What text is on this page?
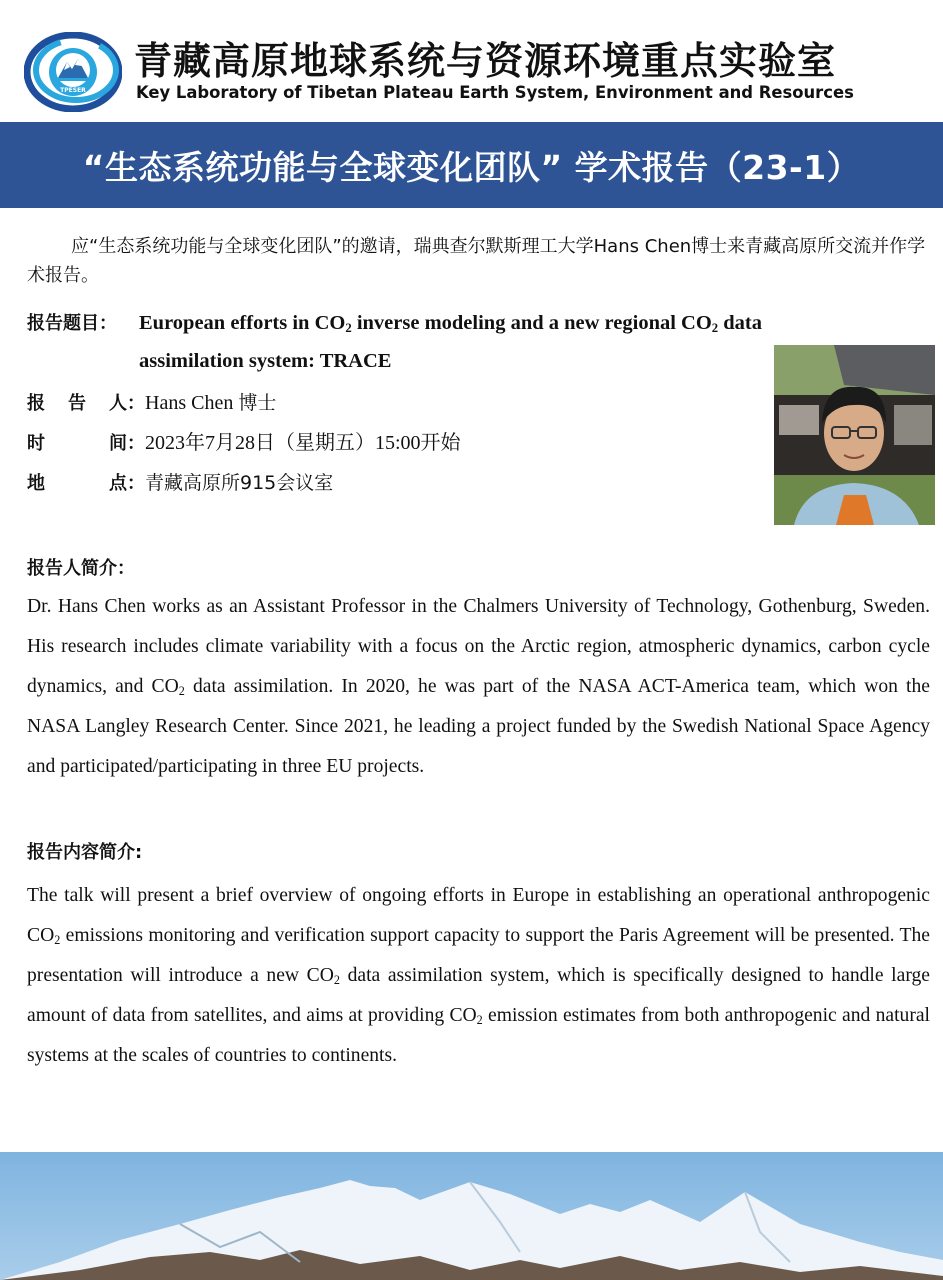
TPESER
青藏高原地球系统与资源环境重点实验室
Key Laboratory of Tibetan Plateau Earth System, Environment and Resources
“生态系统功能与全球变化团队” 学术报告（23-1）
应“生态系统功能与全球变化团队”的邀请，瑞典查尔默斯理工大学Hans Chen博士来青藏高原所交流并作学术报告。
报告题目： European efforts in $CO_2$ inverse modeling and a new regional $CO_2$ data
assimilation system: TRACE
报 告 人 ：Hans Chen 博士
时	间 ：2023年7月28日（星期五）15:00开始
地	点 ：青藏高原所915会议室
报告人简介：
Dr. Hans Chen works as an Assistant Professor in the Chalmers University of Technology, Gothenburg, Sweden. His research includes climate variability with a focus on the Arctic region, atmospheric dynamics, carbon cycle dynamics, and $CO_2$ data assimilation. In 2020, he was part of the NASA ACT-America team, which won the NASA Langley Research Center. Since 2021, he leading a project funded by the Swedish National Space Agency and participated/participating in three EU projects.
报告内容简介:
The talk will present a brief overview of ongoing efforts in Europe in establishing an operational anthropogenic $CO_2$ emissions monitoring and verification support capacity to support the Paris Agreement will be presented. The presentation will introduce a new $CO_2$ data assimilation system, which is specifically designed to handle large amount of data from satellites, and aims at providing $CO_2$ emission estimates from both anthropogenic and natural systems at the scales of countries to continents.
